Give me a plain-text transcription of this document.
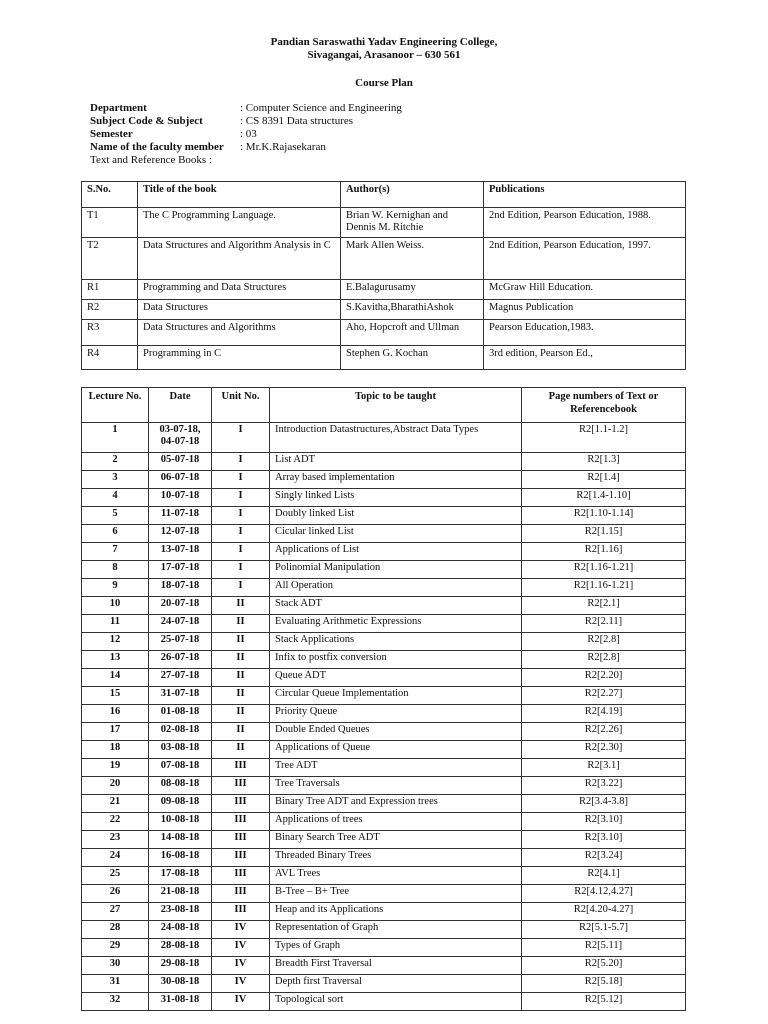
Pandian Saraswathi Yadav Engineering College,
Sivagangai, Arasanoor – 630 561
Course Plan
Department	: Computer Science and Engineering
Subject Code & Subject	: CS 8391 Data structures
Semester	: 03
Name of the faculty member : Mr.K.Rajasekaran
Text and Reference Books :
S.No.	Title of the book	Author(s)	Publications
T1	The C Programming Language.	Brian W. Kernighan and Dennis M. Ritchie	2nd Edition, Pearson Education, 1988.
T2	Data Structures and Algorithm Analysis in C	Mark Allen Weiss.	2nd Edition, Pearson Education, 1997.
R1	Programming and Data Structures	E.Balagurusamy	McGraw Hill Education.
R2	Data Structures	S.Kavitha,BharathiAshok	Magnus Publication
R3	Data Structures and Algorithms	Aho, Hopcroft and Ullman	Pearson Education,1983.
R4	Programming in C	Stephen G. Kochan	3rd edition, Pearson Ed.,
Lecture No.	Date	Unit No.	Topic to be taught	Page numbers of Text or Referencebook
1	03-07-18, 04-07-18	I	Introduction Datastructures,Abstract Data Types	R2[1.1-1.2]
2	05-07-18	I	List ADT	R2[1.3]
3	06-07-18	I	Array based implementation	R2[1.4]
4	10-07-18	I	Singly linked Lists	R2[1.4-1.10]
5	11-07-18	I	Doubly linked List	R2[1.10-1.14]
6	12-07-18	I	Cicular linked List	R2[1.15]
7	13-07-18	I	Applications of List	R2[1.16]
8	17-07-18	I	Polinomial Manipulation	R2[1.16-1.21]
9	18-07-18	I	All Operation	R2[1.16-1.21]
10	20-07-18	II	Stack ADT	R2[2.1]
11	24-07-18	II	Evaluating Arithmetic Expressions	R2[2.11]
12	25-07-18	II	Stack Applications	R2[2.8]
13	26-07-18	II	Infix to postfix conversion	R2[2.8]
14	27-07-18	II	Queue ADT	R2[2.20]
15	31-07-18	II	Circular Queue Implementation	R2[2.27]
16	01-08-18	II	Priority Queue	R2[4.19]
17	02-08-18	II	Double Ended Queues	R2[2.26]
18	03-08-18	II	Applications of Queue	R2[2.30]
19	07-08-18	III	Tree ADT	R2[3.1]
20	08-08-18	III	Tree Traversals	R2[3.22]
21	09-08-18	III	Binary Tree ADT and Expression trees	R2[3.4-3.8]
22	10-08-18	III	Applications of trees	R2[3.10]
23	14-08-18	III	Binary Search Tree ADT	R2[3.10]
24	16-08-18	III	Threaded Binary Trees	R2[3.24]
25	17-08-18	III	AVL Trees	R2[4.1]
26	21-08-18	III	B-Tree – B+ Tree	R2[4.12,4.27]
27	23-08-18	III	Heap and its Applications	R2[4.20-4.27]
28	24-08-18	IV	Representation of Graph	R2[5.1-5.7]
29	28-08-18	IV	Types of Graph	R2[5.11]
30	29-08-18	IV	Breadth First Traversal	R2[5.20]
31	30-08-18	IV	Depth first Traversal	R2[5.18]
32	31-08-18	IV	Topological sort	R2[5.12]
